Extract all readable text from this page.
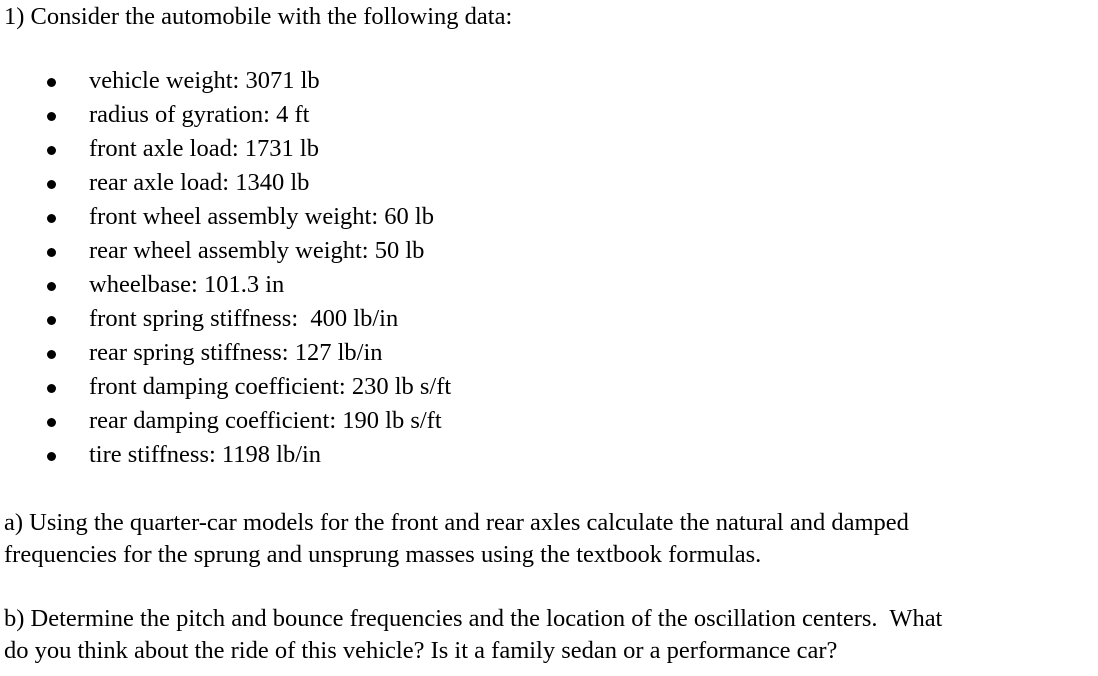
1) Consider the automobile with the following data:
vehicle weight: 3071 lb
radius of gyration: 4 ft
front axle load: 1731 lb
rear axle load: 1340 lb
front wheel assembly weight: 60 lb
rear wheel assembly weight: 50 lb
wheelbase: 101.3 in
front spring stiffness:  400 lb/in
rear spring stiffness: 127 lb/in
front damping coefficient: 230 lb s/ft
rear damping coefficient: 190 lb s/ft
tire stiffness: 1198 lb/in
a) Using the quarter-car models for the front and rear axles calculate the natural and damped
frequencies for the sprung and unsprung masses using the textbook formulas.
b) Determine the pitch and bounce frequencies and the location of the oscillation centers.  What
do you think about the ride of this vehicle? Is it a family sedan or a performance car?
